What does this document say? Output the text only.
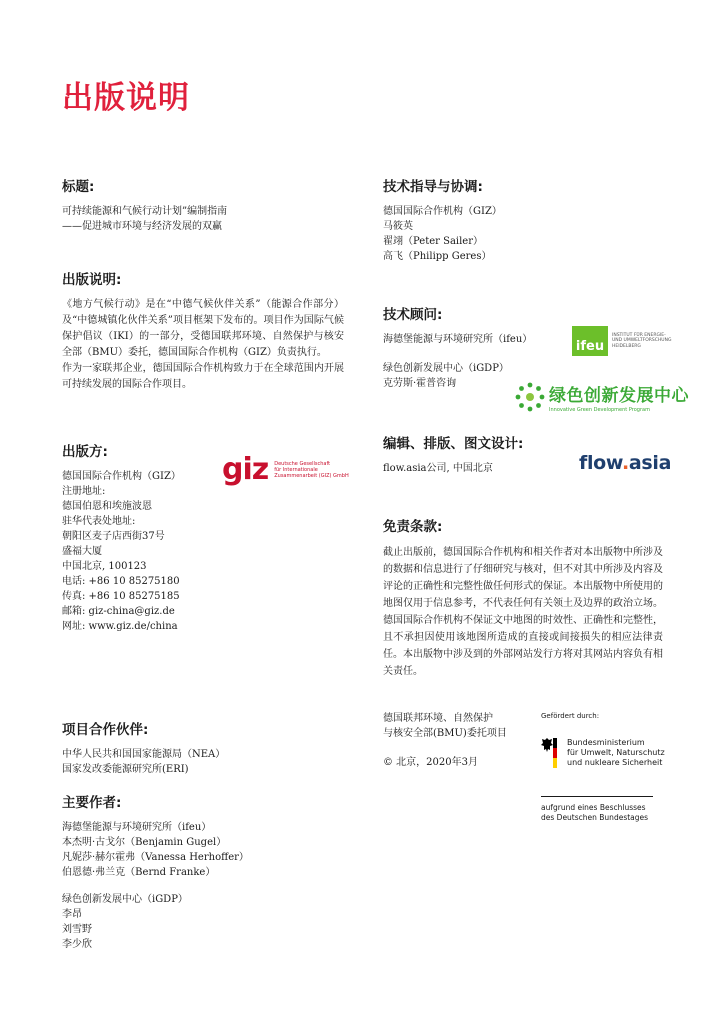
出版说明
标题:
可持续能源和气候行动计划”编制指南
——促进城市环境与经济发展的双赢
出版说明:

《地方气候行动》是在“中德气候伙伴关系”（能源合作部分）及“中德城镇化伙伴关系”项目框架下发布的。项目作为国际气候保护倡议（IKI）的一部分，受德国联邦环境、自然保护与核安全部（BMU）委托，德国国际合作机构（GIZ）负责执行。

作为一家联邦企业，德国国际合作机构致力于在全球范围内开展可持续发展的国际合作项目。

出版方:
德国国际合作机构（GIZ）
注册地址:
德国伯恩和埃施波恩
驻华代表处地址:
朝阳区麦子店西街37号
盛福大厦
中国北京, 100123
电话: +86 10 85275180
传真: +86 10 85275185
邮箱: giz-china@giz.de
网址: www.giz.de/china
giz Deutsche Gesellschaft
für Internationale
Zusammenarbeit (GIZ) GmbH
项目合作伙伴:
中华人民共和国国家能源局（NEA）
国家发改委能源研究所(ERI)
主要作者:
海德堡能源与环境研究所（ifeu）
本杰明·古戈尔（Benjamin Gugel）
凡妮莎·赫尔霍弗（Vanessa Herhoffer）
伯恩德·弗兰克（Bernd Franke）
绿色创新发展中心（iGDP）
李昂
刘雪野
李少欣
技术指导与协调:
德国国际合作机构（GIZ）
马筱英
翟翊（Peter Sailer）
高飞（Philipp Geres）
技术顾问:
海德堡能源与环境研究所（ifeu）
绿色创新发展中心（iGDP）
克劳斯·霍普咨询
ifeu
INSTITUT FÜR ENERGIE-
UND UMWELTFORSCHUNG
HEIDELBERG
绿色创新发展中心
Innovative Green Development Program
编辑、排版、图文设计:
flow.asia公司, 中国北京	flow.asia
免责条款:

截止出版前，德国国际合作机构和相关作者对本出版物中所涉及的数据和信息进行了仔细研究与核对，但不对其中所涉及内容及评论的正确性和完整性做任何形式的保证。本出版物中所使用的地图仅用于信息参考，不代表任何有关领土及边界的政治立场。德国国际合作机构不保证文中地图的时效性、正确性和完整性，且不承担因使用该地图所造成的直接或间接损失的相应法律责任。本出版物中涉及到的外部网站发行方将对其网站内容负有相关责任。

德国联邦环境、自然保护
与核安全部(BMU)委托项目
© 北京，2020年3月
Gefördert durch:
Bundesministerium
für Umwelt, Naturschutz
und nukleare Sicherheit
aufgrund eines Beschlusses
des Deutschen Bundestages
